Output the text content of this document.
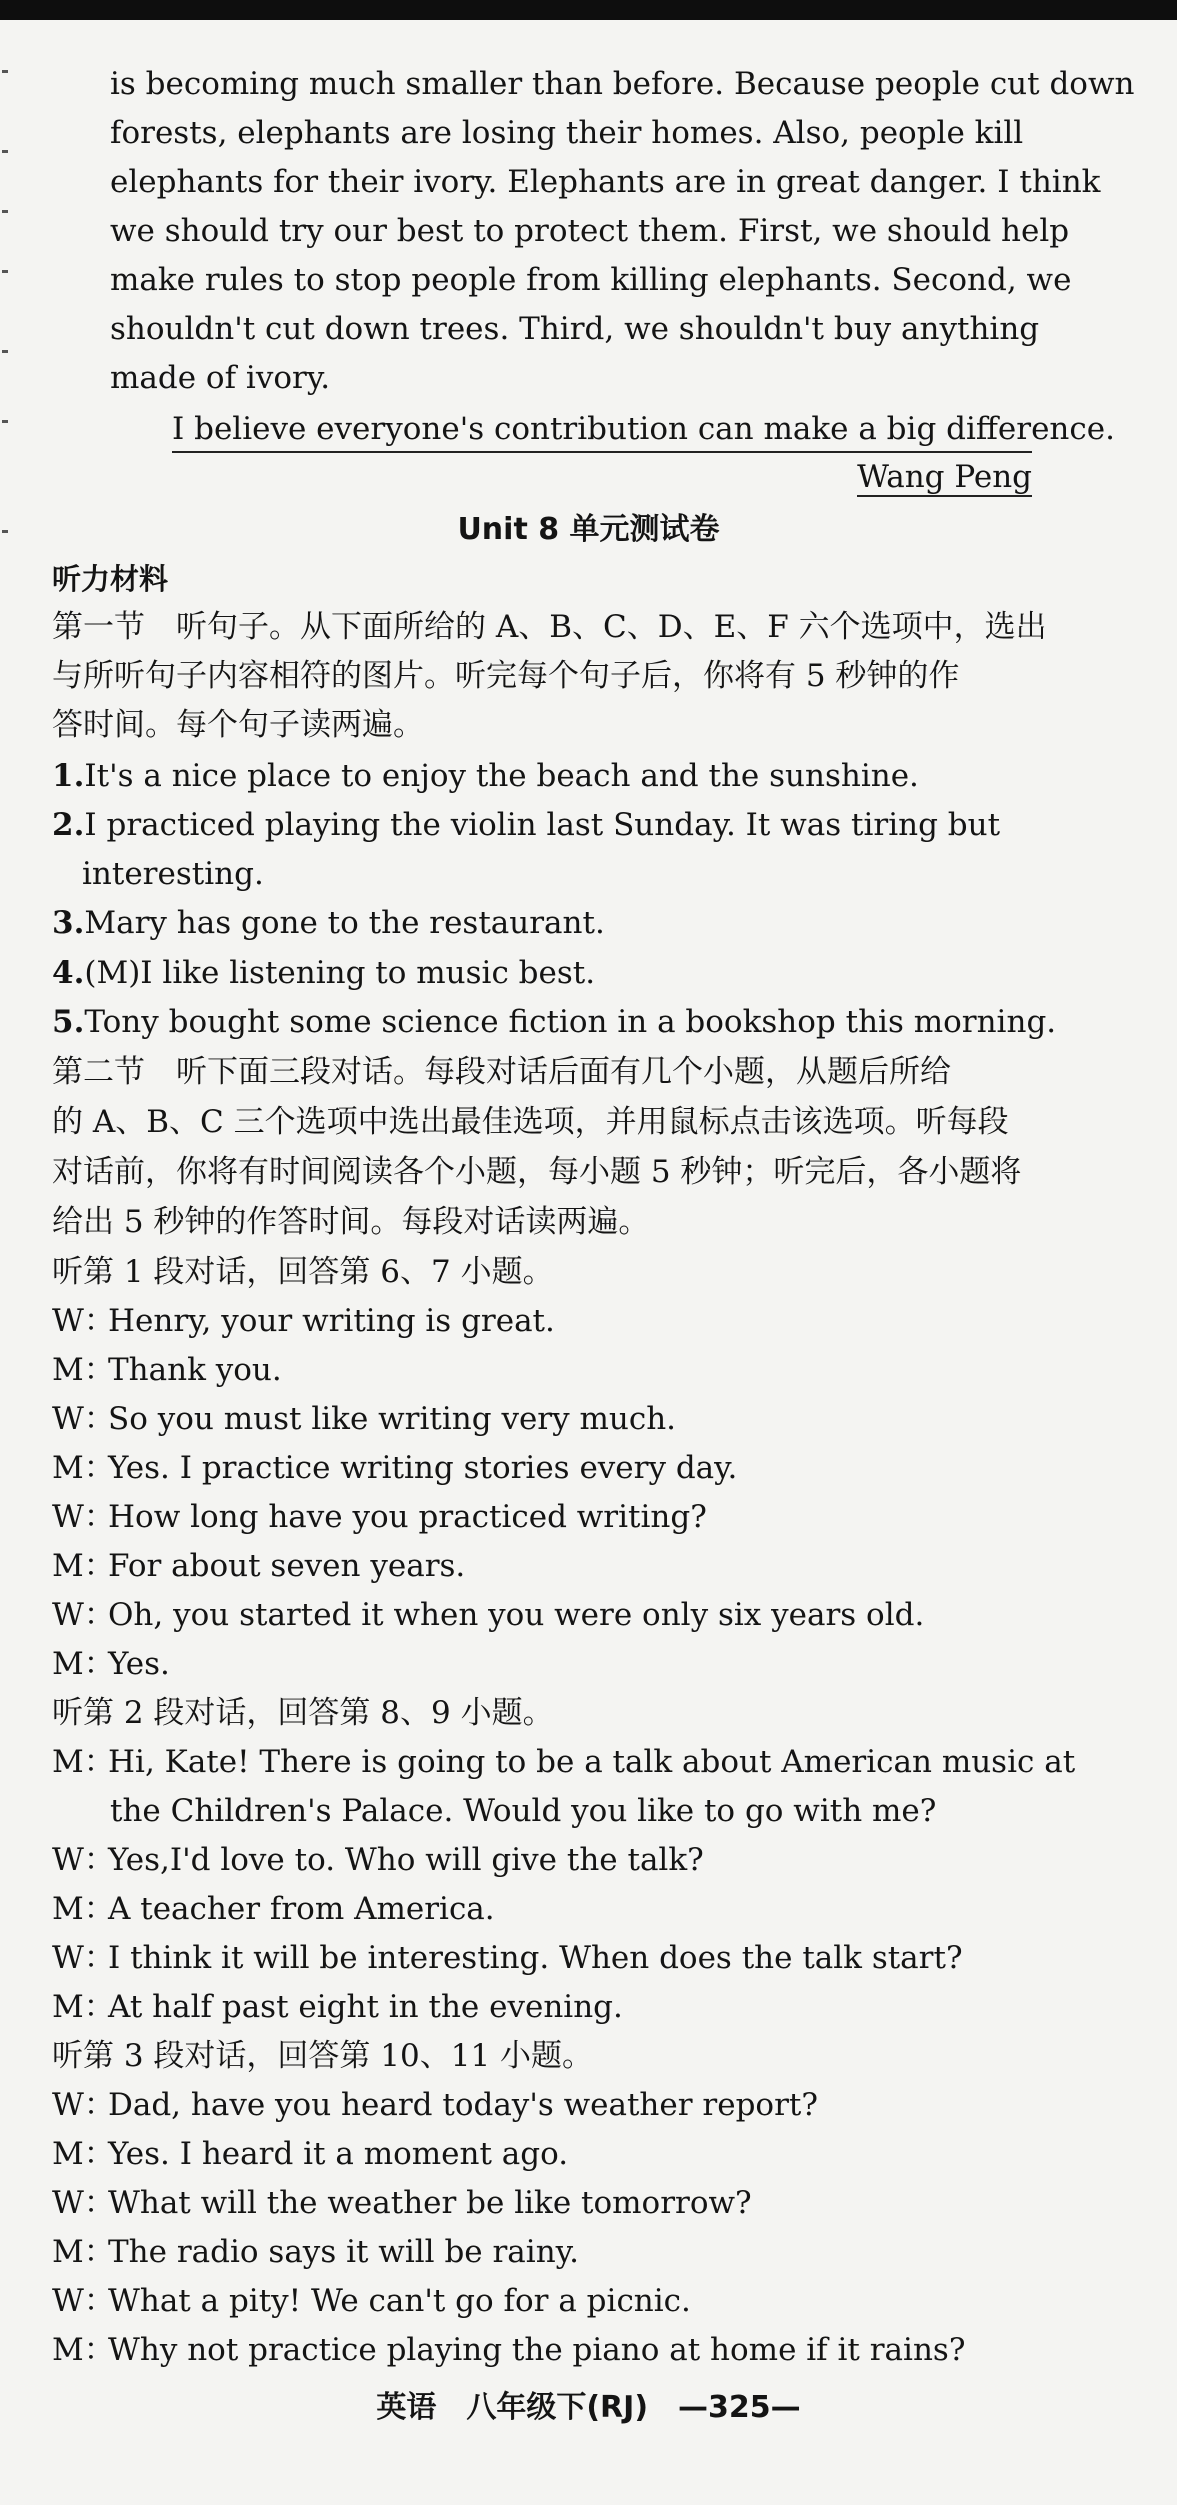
is becoming much smaller than before. Because people cut down
forests, elephants are losing their homes. Also, people kill
elephants for their ivory. Elephants are in great danger. I think
we should try our best to protect them. First, we should help
make rules to stop people from killing elephants. Second, we
shouldn't cut down trees. Third, we shouldn't buy anything
made of ivory.
I believe everyone's contribution can make a big difference.
Wang Peng
Unit 8 单元测试卷
听力材料
第一节　听句子。从下面所给的 A、B、C、D、E、F 六个选项中，选出
与所听句子内容相符的图片。听完每个句子后，你将有 5 秒钟的作
答时间。每个句子读两遍。
1.It's a nice place to enjoy the beach and the sunshine.
2.I practiced playing the violin last Sunday. It was tiring but
interesting.
3.Mary has gone to the restaurant.
4.(M)I like listening to music best.
5.Tony bought some science fiction in a bookshop this morning.
第二节　听下面三段对话。每段对话后面有几个小题，从题后所给
的 A、B、C 三个选项中选出最佳选项，并用鼠标点击该选项。听每段
对话前，你将有时间阅读各个小题，每小题 5 秒钟；听完后，各小题将
给出 5 秒钟的作答时间。每段对话读两遍。
听第 1 段对话，回答第 6、7 小题。
W：Henry, your writing is great.
M：Thank you.
W：So you must like writing very much.
M：Yes. I practice writing stories every day.
W：How long have you practiced writing?
M：For about seven years.
W：Oh, you started it when you were only six years old.
M：Yes.
听第 2 段对话，回答第 8、9 小题。
M：Hi, Kate! There is going to be a talk about American music at
the Children's Palace. Would you like to go with me?
W：Yes,I'd love to. Who will give the talk?
M：A teacher from America.
W：I think it will be interesting. When does the talk start?
M：At half past eight in the evening.
听第 3 段对话，回答第 10、11 小题。
W：Dad, have you heard today's weather report?
M：Yes. I heard it a moment ago.
W：What will the weather be like tomorrow?
M：The radio says it will be rainy.
W：What a pity! We can't go for a picnic.
M：Why not practice playing the piano at home if it rains?
英语　八年级下(RJ)　—325—
